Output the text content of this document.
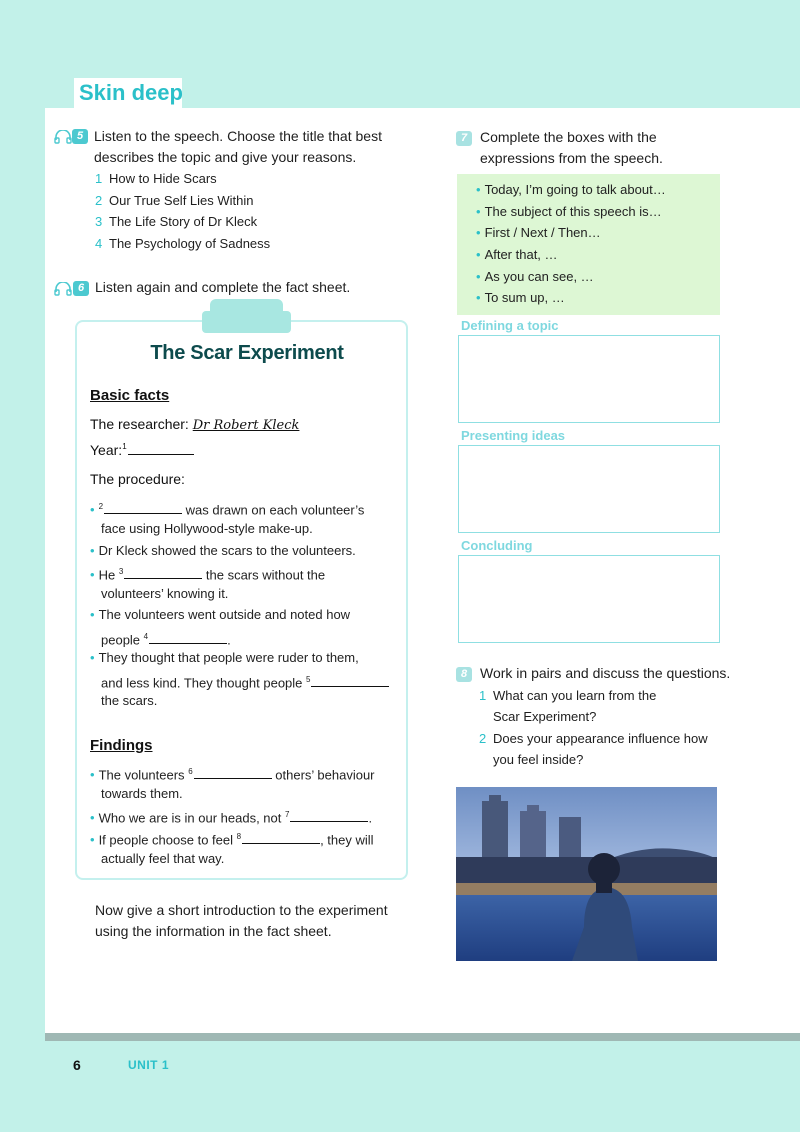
Skin deep
5 Listen to the speech. Choose the title that best
describes the topic and give your reasons.
1 How to Hide Scars
2 Our True Self Lies Within
3 The Life Story of Dr Kleck
4 The Psychology of Sadness
6 Listen again and complete the fact sheet.
The Scar Experiment
Basic facts
The researcher: Dr Robert Kleck
Year:$^1$
The procedure:
• $^2$	was drawn on each volunteer’s
face using Hollywood-style make-up.
• Dr Kleck showed the scars to the volunteers.
• He $^3$	the scars without the
volunteers’ knowing it.
• The volunteers went outside and noted how
people $^4$	.
• They thought that people were ruder to them,
and less kind. They thought people $^5$
the scars.
Findings
• The volunteers $^6$	others’ behaviour
towards them.
• Who we are is in our heads, not $^7$	.
• If people choose to feel $^8$	, they will
actually feel that way.
Now give a short introduction to the experiment
using the information in the fact sheet.
7 Complete the boxes with the
expressions from the speech.
• Today, I’m going to talk about…
• The subject of this speech is…
• First / Next / Then…
• After that, …
• As you can see, …
• To sum up, …
Defining a topic
Presenting ideas
Concluding
8 Work in pairs and discuss the questions.
1 What can you learn from the
Scar Experiment?
2 Does your appearance influence how
you feel inside?
6	UNIT 1
